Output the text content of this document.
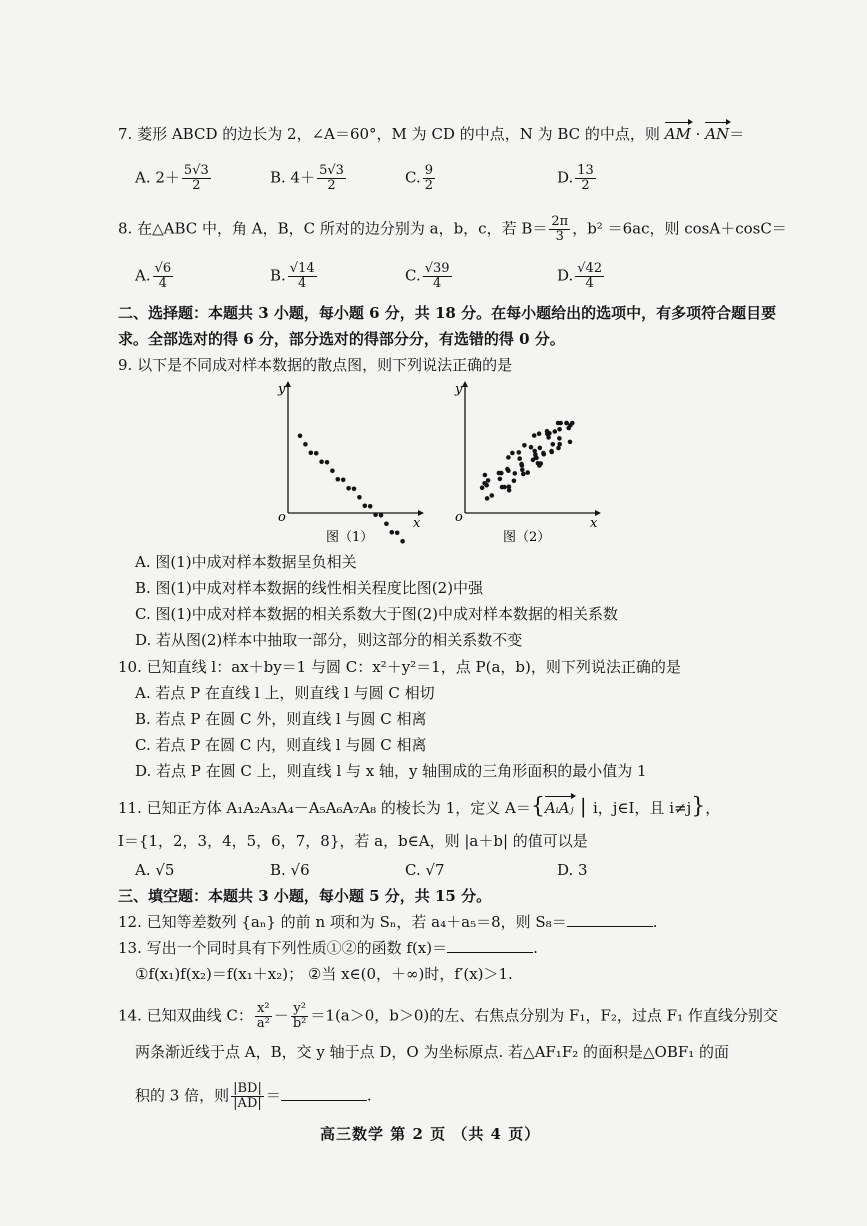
7. 菱形 ABCD 的边长为 2，∠A＝60°，M 为 CD 的中点，N 为 BC 的中点，则 AM · AN＝
A. $2+ \frac{5√3}{2}$	B. $4+ \frac{5√3}{2}$	C. $\frac{9}{2}$	D. $\frac{13}{2}$
8. 在△ABC 中，角 A，B，C 所对的边分别为 a，b，c，若 $B= \frac{2\pi}{3}$ ，b² ＝6ac，则 cosA＋cosC＝
A. $\frac{√6}{4}$	B. $\frac{√14}{4}$	C. $\frac{√39}{4}$	D. $\frac{√42}{4}$
二、选择题：本题共 3 小题，每小题 6 分，共 18 分。在每小题给出的选项中，有多项符合题目要
求。全部选对的得 6 分，部分选对的得部分分，有选错的得 0 分。
9. 以下是不同成对样本数据的散点图，则下列说法正确的是
y
o	x
图（1）
y
o	x
图（2）
A. 图(1)中成对样本数据呈负相关
B. 图(1)中成对样本数据的线性相关程度比图(2)中强
C. 图(1)中成对样本数据的相关系数大于图(2)中成对样本数据的相关系数
D. 若从图(2)样本中抽取一部分，则这部分的相关系数不变
10. 已知直线 l：ax＋by＝1 与圆 C：x²＋y²＝1，点 P(a，b)，则下列说法正确的是
A. 若点 P 在直线 l 上，则直线 l 与圆 C 相切
B. 若点 P 在圆 C 外，则直线 l 与圆 C 相离
C. 若点 P 在圆 C 内，则直线 l 与圆 C 相离
D. 若点 P 在圆 C 上，则直线 l 与 x 轴，y 轴围成的三角形面积的最小值为 1
11. 已知正方体 A₁A₂A₃A₄－A₅A₆A₇A₈ 的棱长为 1，定义 A＝{AᵢAⱼ | i，j∈I，且 i≠j}，
I＝{1，2，3，4，5，6，7，8}，若 a，b∈A，则 |a＋b| 的值可以是
A. √5	B. √6	C. √7	D. 3
三、填空题：本题共 3 小题，每小题 5 分，共 15 分。
12. 已知等差数列 {aₙ} 的前 n 项和为 Sₙ，若 a₄＋a₅＝8，则 S₈＝	.
13. 写出一个同时具有下列性质①②的函数 f(x)＝	.
①f(x₁)f(x₂)＝f(x₁＋x₂)； ②当 x∈(0，＋∞)时，f′(x)＞1.
14. 已知双曲线 C： $\frac{\text{x²}}{\text{a²}} - \frac{\text{y²}}{\text{b²}} =1(a>0$，b＞0)的左、右焦点分别为 F₁，F₂，过点 F₁ 作直线分别交
两条渐近线于点 A，B，交 y 轴于点 D，O 为坐标原点. 若△AF₁F₂ 的面积是△OBF₁ 的面
积的 3 倍，则 $\frac{|BD|}{|AD|}$ ＝	.
高三数学 第 2 页 （共 4 页）
